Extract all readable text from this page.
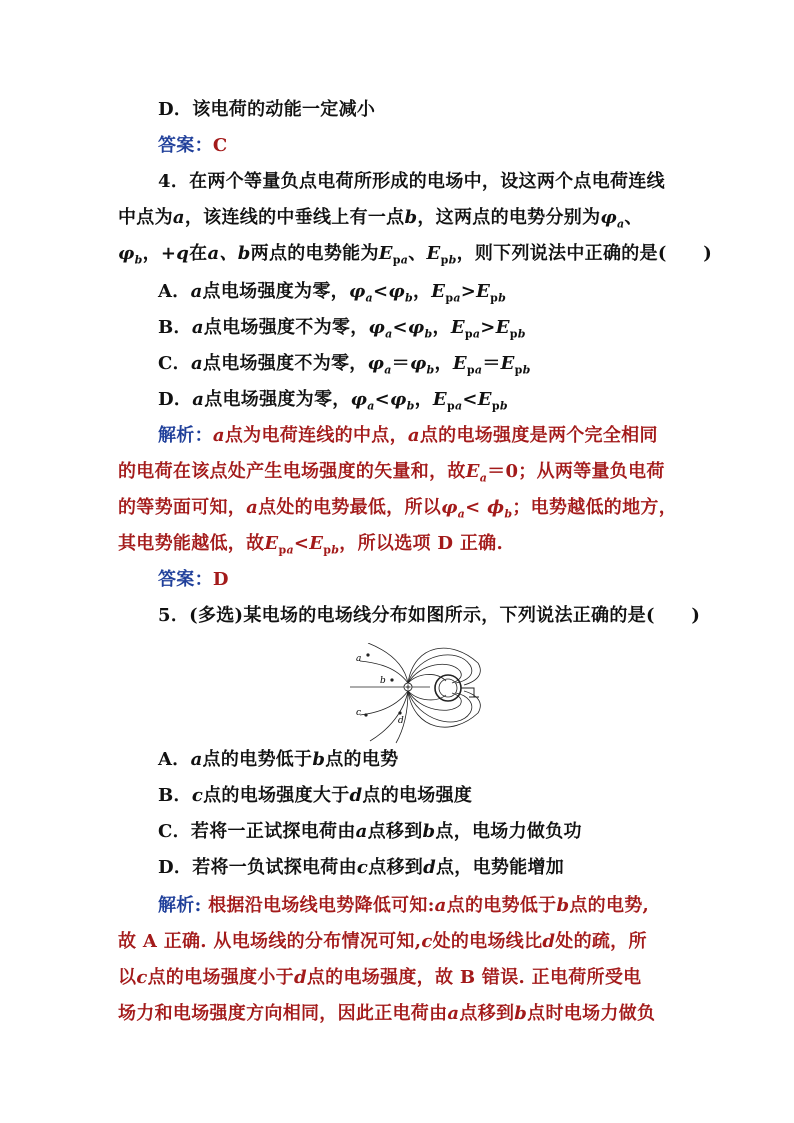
D．该电荷的动能一定减小
答案：C
4．在两个等量负点电荷所形成的电场中，设这两个点电荷连线
中点为a，该连线的中垂线上有一点b，这两点的电势分别为$\varphi_a$、
$\varphi_b$，+q在a、b两点的电势能为$E_{pa}$、$E_{pb}$，则下列说法中正确的是(　　)
A．a点电场强度为零，$\varphi_a<\varphi_b$，$E_{pa}>E_{pb}$
B．a点电场强度不为零，$\varphi_a<\varphi_b$，$E_{pa}>E_{pb}$
C．a点电场强度不为零，$\varphi_a=\varphi_b$，$E_{pa}=E_{pb}$
D．a点电场强度为零，$\varphi_a<\varphi_b$，$E_{pa}<E_{pb}$
解析：a点为电荷连线的中点，a点的电场强度是两个完全相同
的电荷在该点处产生电场强度的矢量和，故$E_a=0$；从两等量负电荷
的等势面可知，a点处的电势最低，所以$\varphi_a< \phi_b$；电势越低的地方，
其电势能越低，故$E_{pa}<E_{pb}$，所以选项 D 正确.
答案：D
5．(多选)某电场的电场线分布如图所示，下列说法正确的是(　　)
a
b
c
d
A．a点的电势低于b点的电势
B．c点的电场强度大于d点的电场强度
C．若将一正试探电荷由a点移到b点，电场力做负功
D．若将一负试探电荷由c点移到d点，电势能增加
解析: 根据沿电场线电势降低可知:a点的电势低于b点的电势,
故 A 正确. 从电场线的分布情况可知,c处的电场线比d处的疏，所
以c点的电场强度小于d点的电场强度，故 B 错误. 正电荷所受电
场力和电场强度方向相同，因此正电荷由a点移到b点时电场力做负
